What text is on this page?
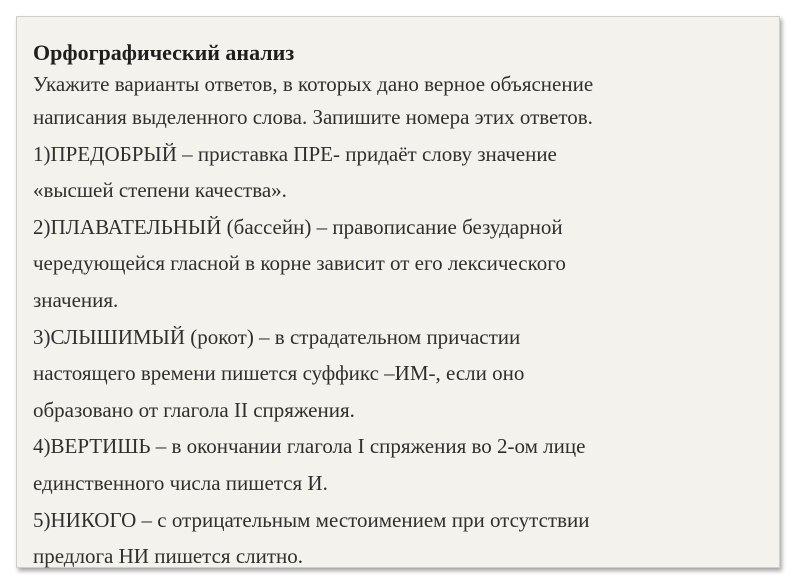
Орфографический анализ
Укажите варианты ответов, в которых дано верное объяснение
написания выделенного слова. Запишите номера этих ответов.
1)ПРЕДОБРЫЙ – приставка ПРЕ- придаёт слову значение
«высшей степени качества».
2)ПЛАВАТЕЛЬНЫЙ (бассейн) – правописание безударной
чередующейся гласной в корне зависит от его лексического
значения.
3)СЛЫШИМЫЙ (рокот) – в страдательном причастии
настоящего времени пишется суффикс –ИМ-, если оно
образовано от глагола II спряжения.
4)ВЕРТИШЬ – в окончании глагола I спряжения во 2-ом лице
единственного числа пишется И.
5)НИКОГО – с отрицательным местоимением при отсутствии
предлога НИ пишется слитно.
